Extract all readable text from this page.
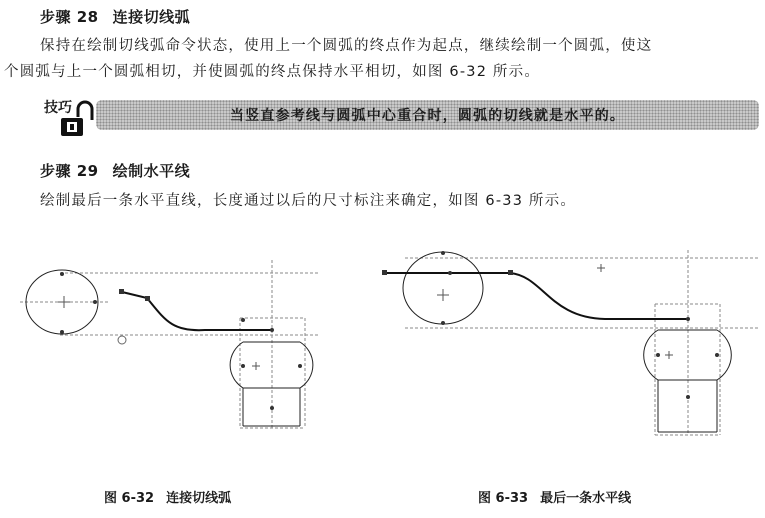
步骤 28 连接切线弧
保持在绘制切线弧命令状态，使用上一个圆弧的终点作为起点，继续绘制一个圆弧，使这
个圆弧与上一个圆弧相切，并使圆弧的终点保持水平相切，如图 6-32 所示。
技巧	当竖直参考线与圆弧中心重合时，圆弧的切线就是水平的。
步骤 29 绘制水平线
绘制最后一条水平直线，长度通过以后的尺寸标注来确定，如图 6-33 所示。
图 6-32 连接切线弧	图 6-33 最后一条水平线
